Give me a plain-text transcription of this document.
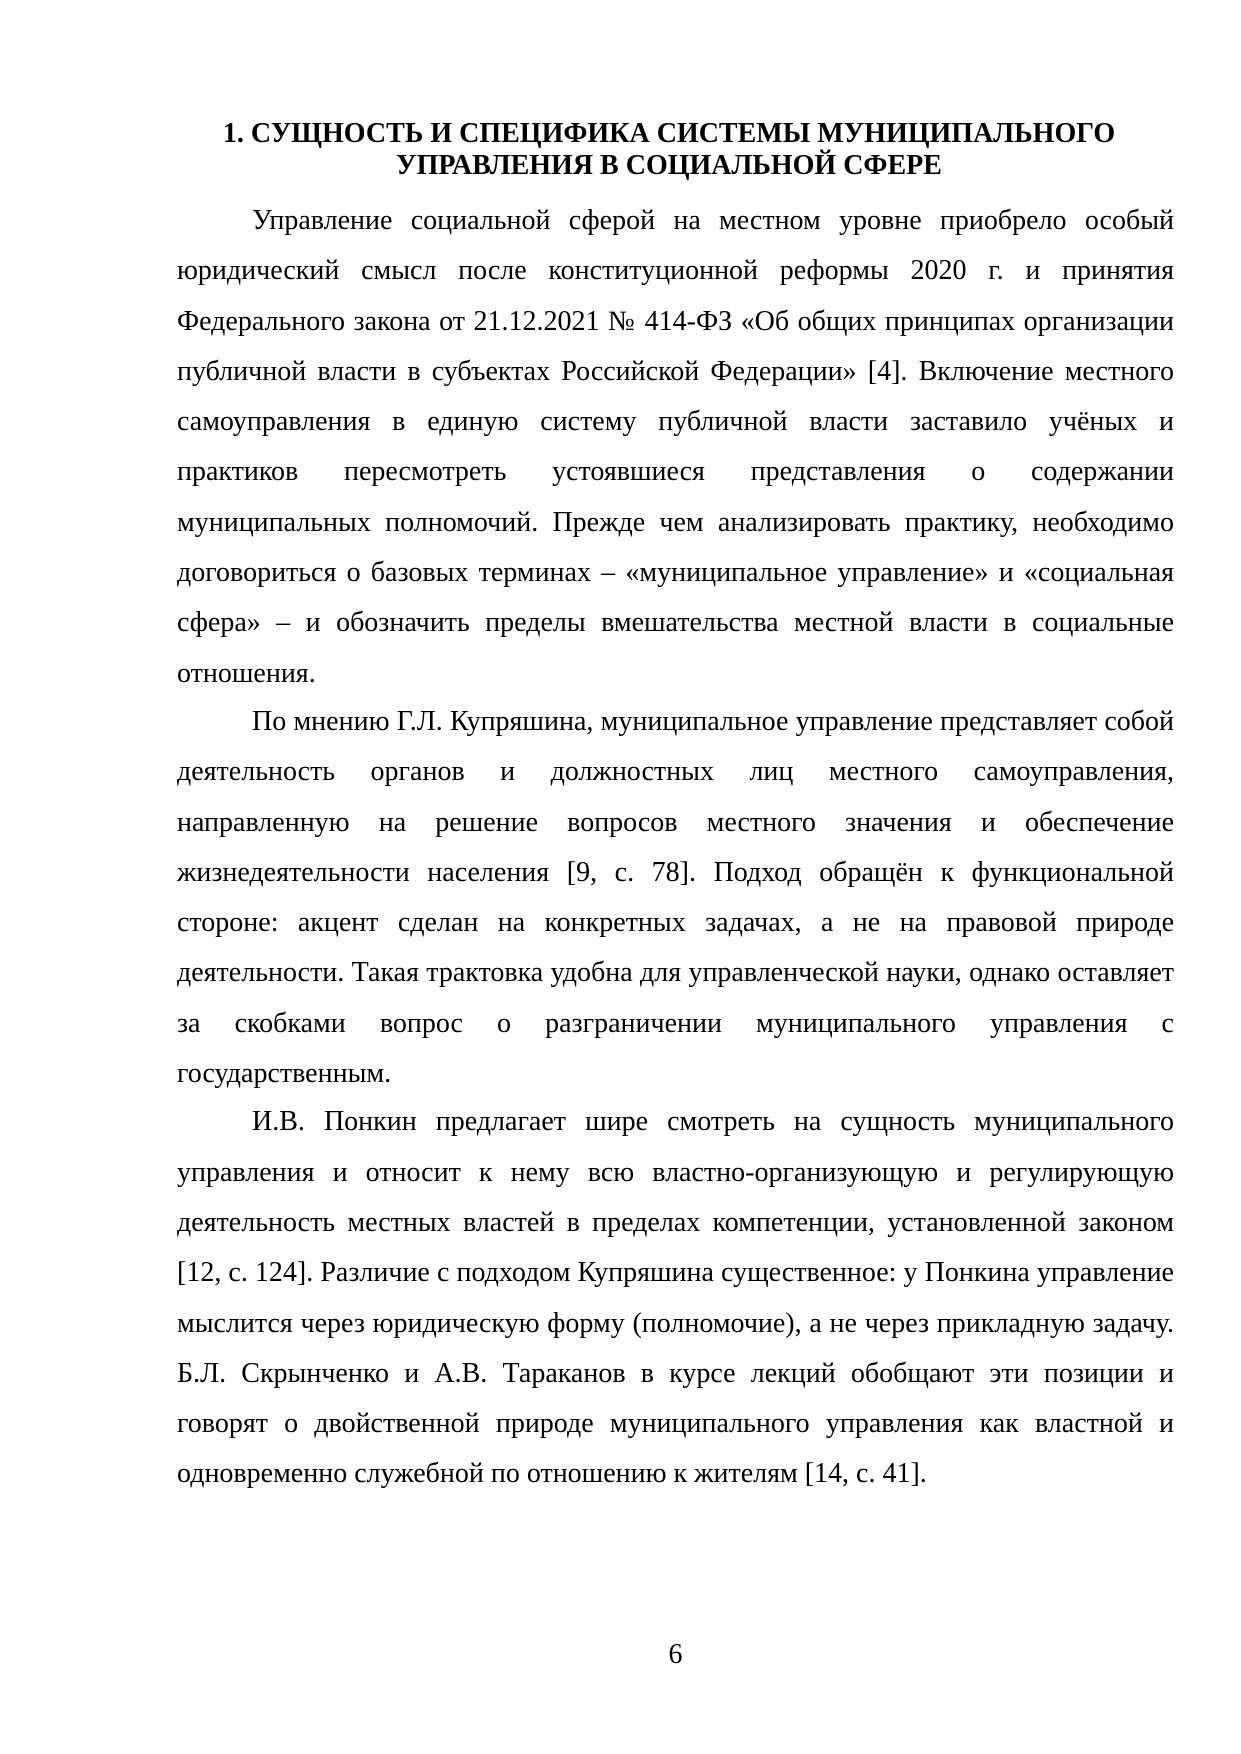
1. СУЩНОСТЬ И СПЕЦИФИКА СИСТЕМЫ МУНИЦИПАЛЬНОГО
УПРАВЛЕНИЯ В СОЦИАЛЬНОЙ СФЕРЕ

Управление социальной сферой на местном уровне приобрело особый юридический смысл после конституционной реформы 2020 г. и принятия Федерального закона от 21.12.2021 № 414-ФЗ «Об общих принципах организации публичной власти в субъектах Российской Федерации» [4]. Включение местного самоуправления в единую систему публичной власти заставило учёных и практиков пересмотреть устоявшиеся представления о содержании муниципальных полномочий. Прежде чем анализировать практику, необходимо договориться о базовых терминах – «муниципальное управление» и «социальная сфера» – и обозначить пределы вмешательства местной власти в социальные отношения.

По мнению Г.Л. Купряшина, муниципальное управление представляет собой деятельность органов и должностных лиц местного самоуправления, направленную на решение вопросов местного значения и обеспечение жизнедеятельности населения [9, с. 78]. Подход обращён к функциональной стороне: акцент сделан на конкретных задачах, а не на правовой природе деятельности. Такая трактовка удобна для управленческой науки, однако оставляет за скобками вопрос о разграничении муниципального управления с государственным.

И.В. Понкин предлагает шире смотреть на сущность муниципального управления и относит к нему всю властно-организующую и регулирующую деятельность местных властей в пределах компетенции, установленной законом [12, с. 124]. Различие с подходом Купряшина существенное: у Понкина управление мыслится через юридическую форму (полномочие), а не через прикладную задачу. Б.Л. Скрынченко и А.В. Тараканов в курсе лекций обобщают эти позиции и говорят о двойственной природе муниципального управления как властной и одновременно служебной по отношению к жителям [14, с. 41].

6
